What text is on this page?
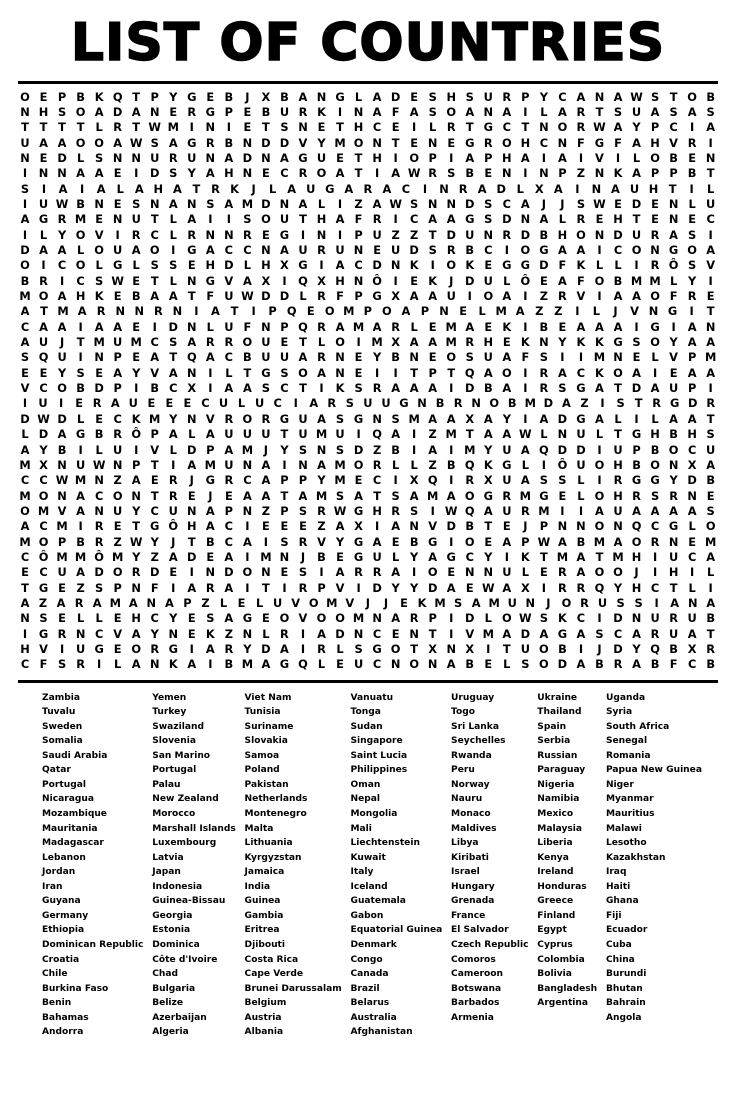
LIST OF COUNTRIES
O E P B K Q T P Y G E B	J	X B A N G L A D E S H S U R P Y C A N A W S T O B
N H S O A D A N E R G P E B U R K	I	N A F A S O A N A	I	L A R T S U A S A S
T T T T L R T W M I	N	I	E T S N E T H C E	I	L R T G C T N O R W A Y P C	I	A
U A A O O A W S A G R B N D D V Y M O N T E N E G R O H C N F G F A H V R	I
N E D L S N N U R U N A D N A G U E T H	I	O P	I	A P H A	I	A	I	V	I	L O B E N
I	N N A A E	I	D S Y A H N E C R O A T	I	A W R S B E N	I	N P Z N K A P P B T
S	I	A	I	A L A H A T R K	J	L A U G A R A C	I	N R A D L X A	I	N A U H T	I	L
I	U W B N E S N A N S A M D N A L	I	Z A W S N N D S C A	J	J	S W E D E N L U
A G R M E N U T L A	I	I	S O U T H A F R	I	C A A G S D N A L R E H T E N E C
I	L Y O V	I	R C L R N N R E G	I	N	I	P U Z Z T D U N R D B H O N D U R A S	I
D A A L O U A O	I	G A C C N A U R U N E U D S R B C	I	O G A A	I	C O N G O A
O	I	C O L G L S S E H D L H X G	I	A C D N K	I	O K E G G D F K L L	I	R Ô S V
B R	I	C S W E T L N G V A X	I	Q X H N Ô	I	E K	J	D U L Ô E A F O B M M L Y	I
M O A H K E B A A T F U W D D L R F P G X A A U	I	O A	I	Z R V	I	A A O F R E
A T M A R N N R N	I	A T	I	P Q E O M P O A P N E L M A Z Z	I	L	J	V N G	I	T
C A A	I	A A E	I	D N L U F N P Q R A M A R L E M A E K	I	B E A A A	I	G	I	A N
A U	J	T M U M C S A R R O U E T L O	I M X A A M R H E K N Y K K G S O Y A A
S Q U	I	N P E A T Q A C B U U A R N E Y B N E O S U A F S	I	I M N E L V P M
E E Y S E A Y V A N	I	L T G S O A N E	I	I	T P T Q A O	I	R A C K O A	I	E A A
V C O B D P	I	B C X	I	A A S C T	I	K S R A A A	I	D B A	I	R S G A T D A U P	I
I U I	E R A U E E E C U L U C	I	A R S U U G N B R N O B M D A Z	I	S T R G D R
D W D L E C K M Y N V R O R G U A S G N S M A A X A Y	I	A D G A L	I	L A A T
L D A G B R Ô P A L A U U U T U M U	I	Q A	I	Z M T A A W L N U L T G H B H S
A Y B	I	L U	I	V L D P A M J	Y S N S D Z B	I	A	I M Y U A Q D D	I	U P B O C U
M X N U W N P T	I	A M U N A	I	N A M O R L L Z B Q K G L	I	Ô U O H B O N X A
C C W M N Z A E R	J	G R C A P P Y M E C	I	X Q	I	R X U A S S L	I	R G G Y D B
M O N A C O N T R E	J	E A A T A M S A T S A M A O G R M G E L O H R S R N E
O M V A N U Y C U N A P N Z P S R W G H R S	I W Q A U R M I	I	A U A A A A S
A C M I	R E T G Ô H A C	I	E E E Z A X	I	A N V D B T E	J	P N N O N Q C G L O
M O P B R Z W Y	J	T B C A	I	S R V Y G A E B G	I	O E A P W A B M A O R N E M
C Ô M M Ô M Y Z A D E A	I M N	J	B E G U L Y A G C Y	I	K T M A T M H	I	U C A
E C U A D O R D E	I	N D O N E S	I	A R R A	I	O E N N U L E R A O O	J	I	H	I	L
T G E Z S P N F	I	A R A	I	T	I	R P V	I	D Y Y D A E W A X	I	R R Q Y H C T L	I
A Z A R A M A N A P Z L E L U V O M V	J	J	E K M S A M U N J O R U S S	I	A N A
N S E L L E H C Y E S A G E O V O O M N A R P	I	D L O W S K C	I	D N U R U B
I	G R N C V A Y N E K Z N L R	I	A D N C E N T	I	V M A D A G A S C A R U A T
H V	I	U G E O R G	I	A R Y D A	I	R L S G O T X N X	I	T U O B	I	J	D Y Q B X R
C F S R	I	L A N K A	I	B M A G Q L E U C N O N A B E L S O D A B R A B F C B
Zambia
Tuvalu
Sweden
Somalia
Saudi Arabia
Qatar
Portugal
Nicaragua
Mozambique
Mauritania
Madagascar
Lebanon
Jordan
Iran
Guyana
Germany
Ethiopia
Dominican Republic
Croatia
Chile
Burkina Faso
Benin
Bahamas
Andorra
Yemen
Turkey
Swaziland
Slovenia
San Marino
Portugal
Palau
New Zealand
Morocco
Marshall Islands
Luxembourg
Latvia
Japan
Indonesia
Guinea-Bissau
Georgia
Estonia
Dominica
Côte d'Ivoire
Chad
Bulgaria
Belize
Azerbaijan
Algeria
Viet Nam
Tunisia
Suriname
Slovakia
Samoa
Poland
Pakistan
Netherlands
Montenegro
Malta
Lithuania
Kyrgyzstan
Jamaica
India
Guinea
Gambia
Eritrea
Djibouti
Costa Rica
Cape Verde
Brunei Darussalam
Belgium
Austria
Albania
Vanuatu
Tonga
Sudan
Singapore
Saint Lucia
Philippines
Oman
Nepal
Mongolia
Mali
Liechtenstein
Kuwait
Italy
Iceland
Guatemala
Gabon
Equatorial Guinea
Denmark
Congo
Canada
Brazil
Belarus
Australia
Afghanistan
Uruguay
Togo
Sri Lanka
Seychelles
Rwanda
Peru
Norway
Nauru
Monaco
Maldives
Libya
Kiribati
Israel
Hungary
Grenada
France
El Salvador
Czech Republic
Comoros
Cameroon
Botswana
Barbados
Armenia
Ukraine
Thailand
Spain
Serbia
Russian
Paraguay
Nigeria
Namibia
Mexico
Malaysia
Liberia
Kenya
Ireland
Honduras
Greece
Finland
Egypt
Cyprus
Colombia
Bolivia
Bangladesh
Argentina
Uganda
Syria
South Africa
Senegal
Romania
Papua New Guinea
Niger
Myanmar
Mauritius
Malawi
Lesotho
Kazakhstan
Iraq
Haiti
Ghana
Fiji
Ecuador
Cuba
China
Burundi
Bhutan
Bahrain
Angola
